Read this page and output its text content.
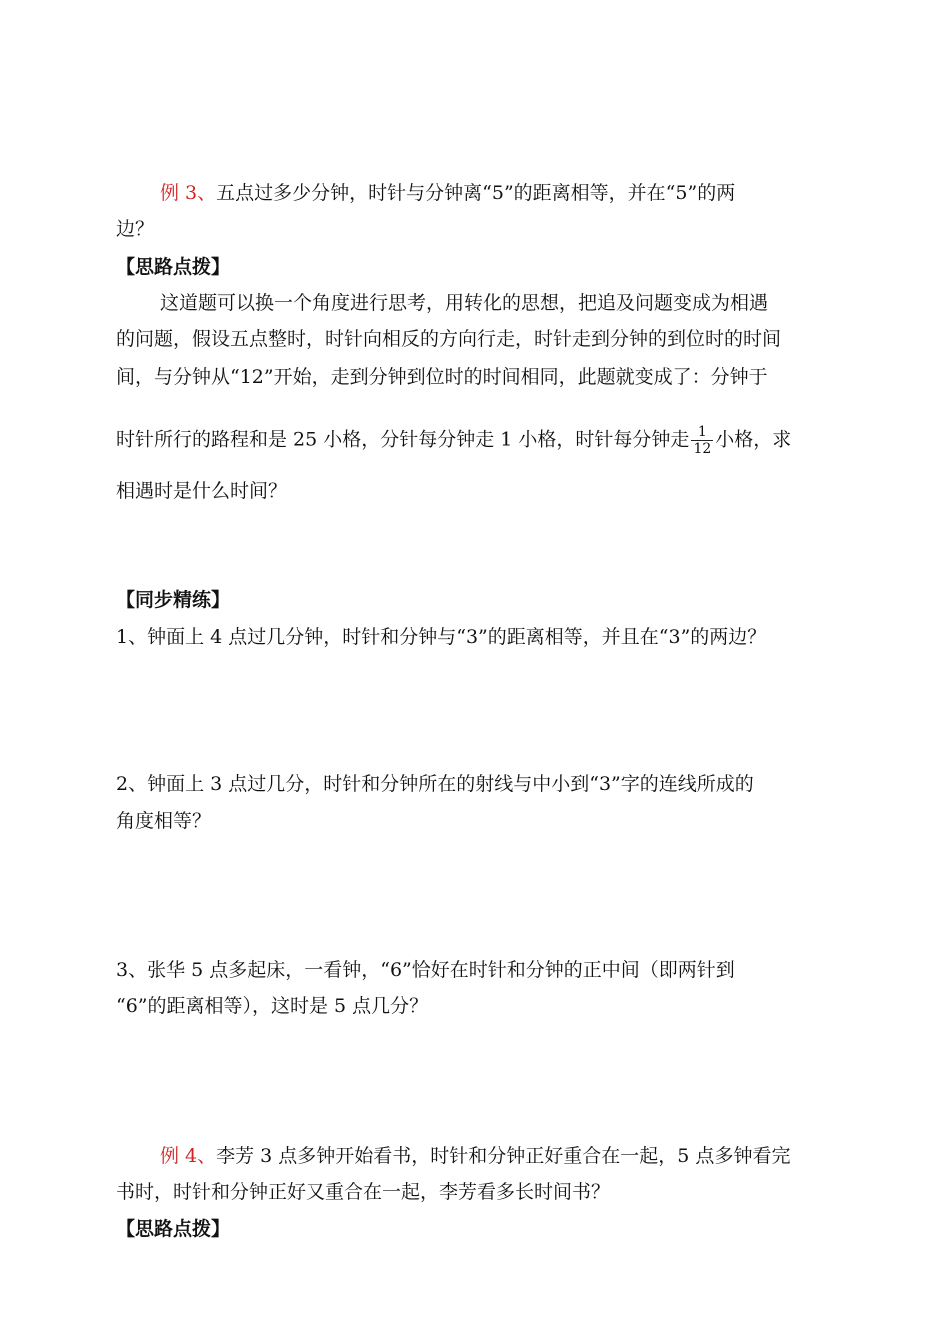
例 3、五点过多少分钟，时针与分钟离“5”的距离相等，并在“5”的两
边？
【思路点拨】
这道题可以换一个角度进行思考，用转化的思想，把追及问题变成为相遇
的问题，假设五点整时，时针向相反的方向行走，时针走到分钟的到位时的时间
间，与分钟从“12”开始，走到分钟到位时的时间相同，此题就变成了：分钟于
时针所行的路程和是 25 小格，分针每分钟走 1 小格，时针每分钟走 $\frac{1}{12}$ 小格，求
相遇时是什么时间？
【同步精练】
1、钟面上 4 点过几分钟，时针和分钟与“3”的距离相等，并且在“3”的两边？
2、钟面上 3 点过几分，时针和分钟所在的射线与中小到“3”字的连线所成的
角度相等？
3、张华 5 点多起床，一看钟，“6”恰好在时针和分钟的正中间（即两针到
“6”的距离相等），这时是 5 点几分？
例 4、李芳 3 点多钟开始看书，时针和分钟正好重合在一起，5 点多钟看完
书时，时针和分钟正好又重合在一起，李芳看多长时间书？
【思路点拨】
